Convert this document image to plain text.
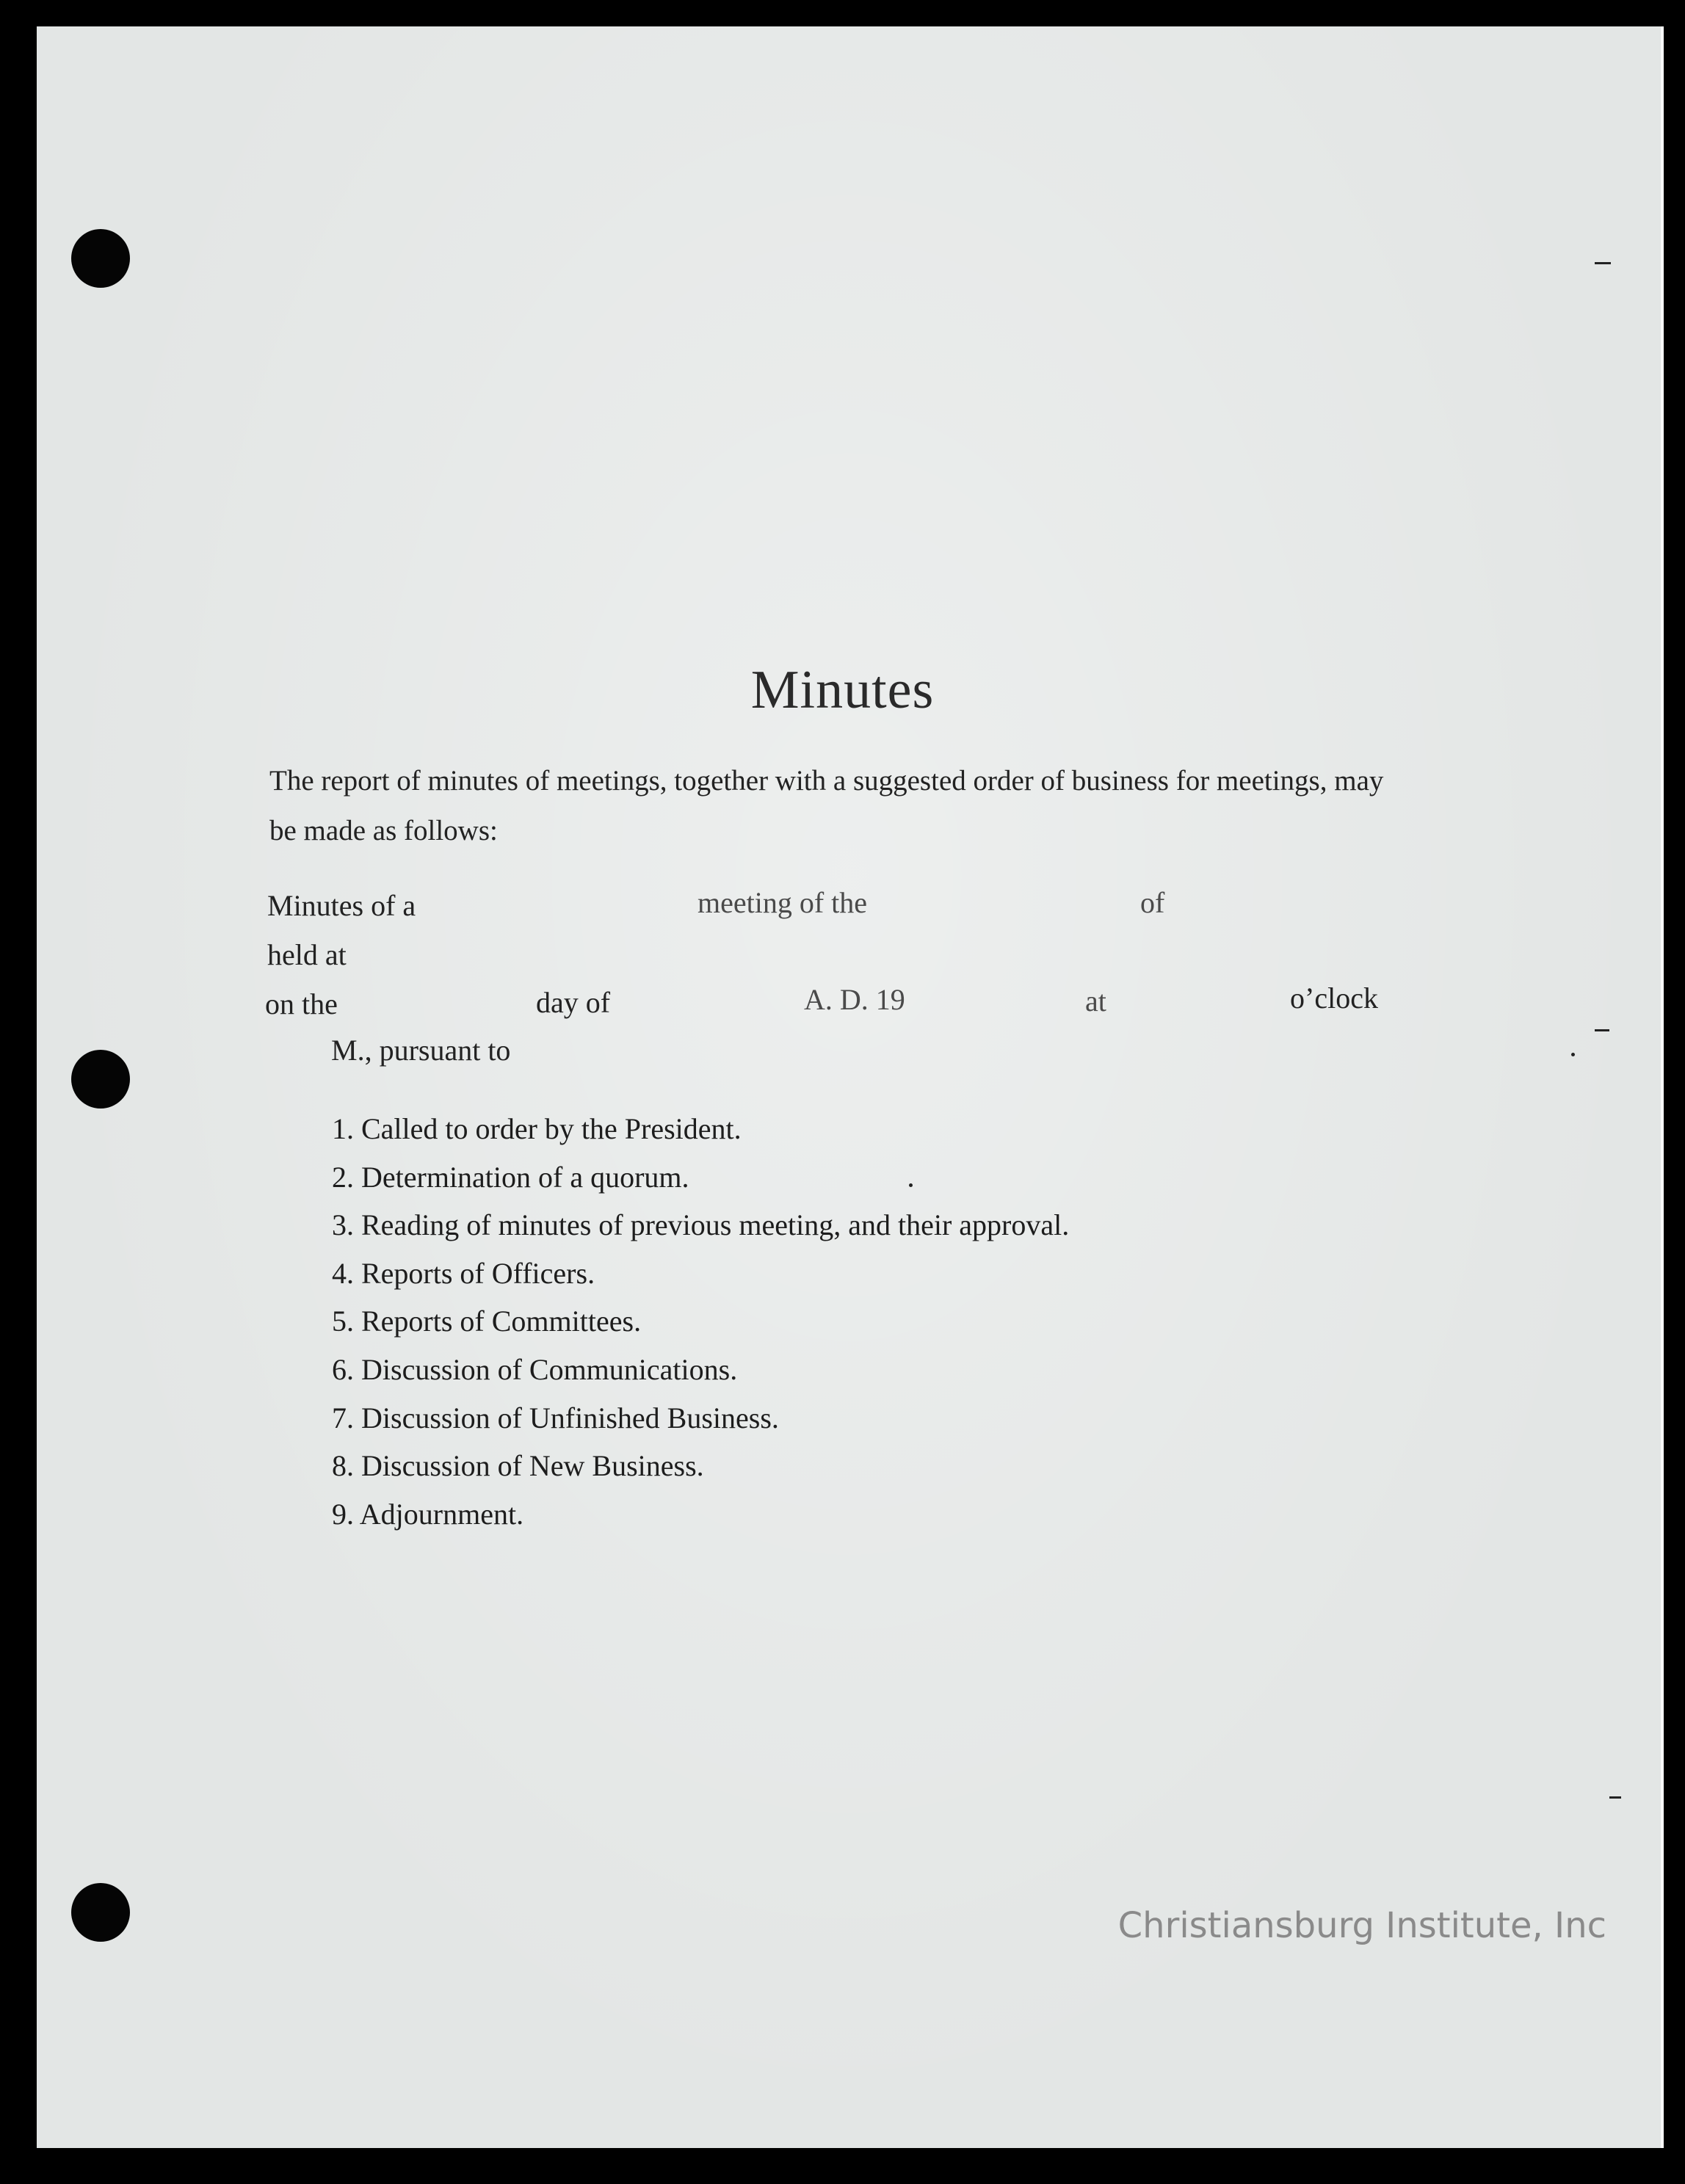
Minutes
The report of minutes of meetings, together with a suggested order of business for meetings, may be made as follows:
Minutes of a	meeting of the	of
held at
on the	day of	A. D. 19	at	o’clock
M., pursuant to
1. Called to order by the President.
2. Determination of a quorum.
3. Reading of minutes of previous meeting, and their approval.
4. Reports of Officers.
5. Reports of Committees.
6. Discussion of Communications.
7. Discussion of Unfinished Business.
8. Discussion of New Business.
9. Adjournment.
Christiansburg Institute, Inc
